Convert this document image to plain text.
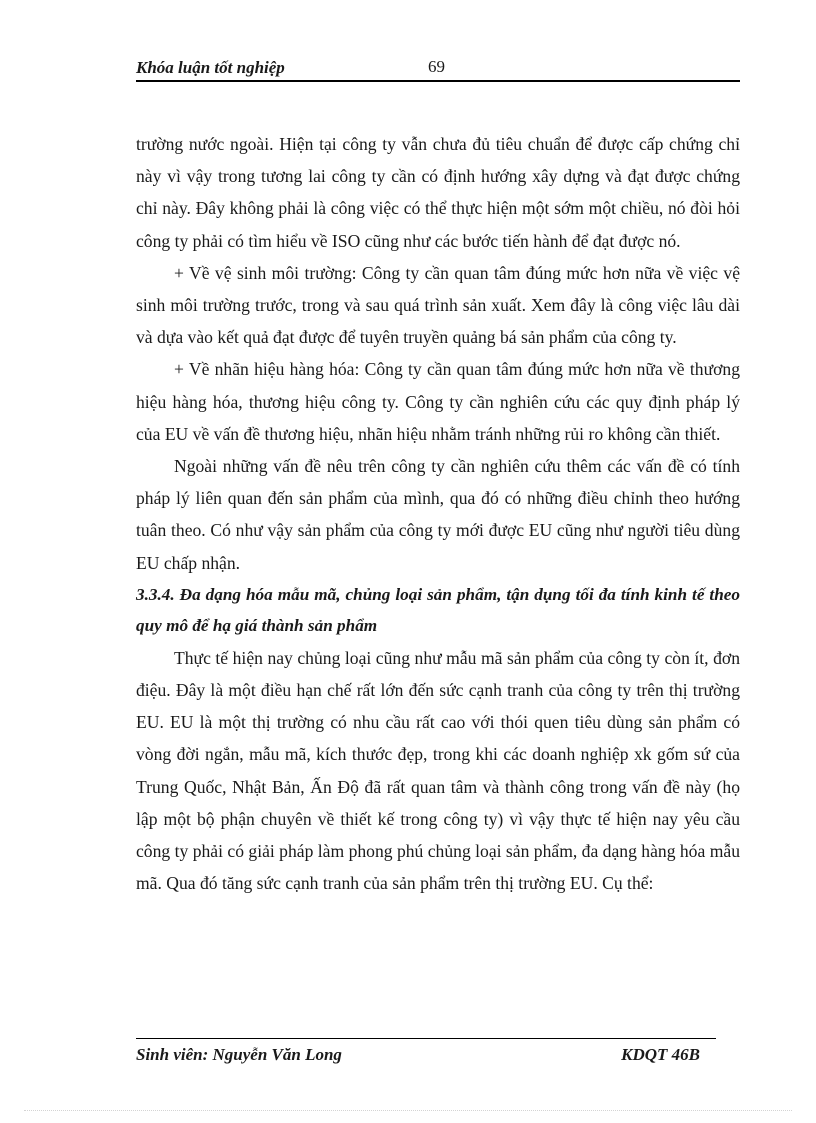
Khóa luận tốt nghiệp	69

trường nước ngoài. Hiện tại công ty vẫn chưa đủ tiêu chuẩn để được cấp chứng chỉ này vì vậy trong tương lai công ty cần có định hướng xây dựng và đạt được chứng chỉ này. Đây không phải là công việc có thể thực hiện một sớm một chiều, nó đòi hỏi công ty phải có tìm hiểu về ISO cũng như các bước tiến hành để đạt được nó.

+ Về vệ sinh môi trường: Công ty cần quan tâm đúng mức hơn nữa về việc vệ sinh môi trường trước, trong và sau quá trình sản xuất. Xem đây là công việc lâu dài và dựa vào kết quả đạt được để tuyên truyền quảng bá sản phẩm của công ty.

+ Về nhãn hiệu hàng hóa: Công ty cần quan tâm đúng mức hơn nữa về thương hiệu hàng hóa, thương hiệu công ty. Công ty cần nghiên cứu các quy định pháp lý của EU về vấn đề thương hiệu, nhãn hiệu nhằm tránh những rủi ro không cần thiết.

Ngoài những vấn đề nêu trên công ty cần nghiên cứu thêm các vấn đề có tính pháp lý liên quan đến sản phẩm của mình, qua đó có những điều chỉnh theo hướng tuân theo. Có như vậy sản phẩm của công ty mới được EU cũng như người tiêu dùng EU chấp nhận.

3.3.4. Đa dạng hóa mẫu mã, chủng loại sản phẩm, tận dụng tối đa tính kinh tế theo quy mô để hạ giá thành sản phẩm

Thực tế hiện nay chủng loại cũng như mẫu mã sản phẩm của công ty còn ít, đơn điệu. Đây là một điều hạn chế rất lớn đến sức cạnh tranh của công ty trên thị trường EU. EU là một thị trường có nhu cầu rất cao với thói quen tiêu dùng sản phẩm có vòng đời ngắn, mẫu mã, kích thước đẹp, trong khi các doanh nghiệp xk gốm sứ của Trung Quốc, Nhật Bản, Ấn Độ đã rất quan tâm và thành công trong vấn đề này (họ lập một bộ phận chuyên về thiết kế trong công ty) vì vậy thực tế hiện nay yêu cầu công ty phải có giải pháp làm phong phú chủng loại sản phẩm, đa dạng hàng hóa mẫu mã. Qua đó tăng sức cạnh tranh của sản phẩm trên thị trường EU. Cụ thể:

Sinh viên: Nguyễn Văn Long	KDQT 46B
